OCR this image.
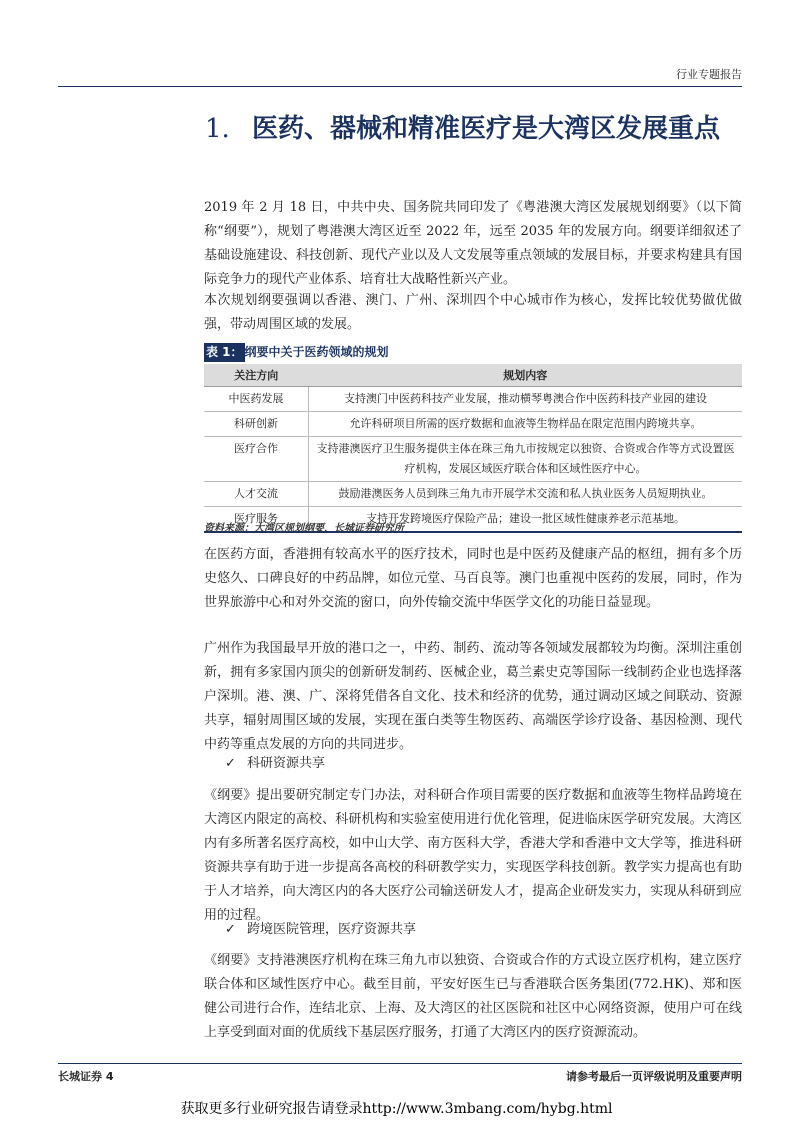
行业专题报告
1. 医药、器械和精准医疗是大湾区发展重点

2019 年 2 月 18 日，中共中央、国务院共同印发了《粤港澳大湾区发展规划纲要》（以下简称“纲要”），规划了粤港澳大湾区近至 2022 年，远至 2035 年的发展方向。纲要详细叙述了基础设施建设、科技创新、现代产业以及人文发展等重点领域的发展目标，并要求构建具有国际竞争力的现代产业体系、培育壮大战略性新兴产业。

本次规划纲要强调以香港、澳门、广州、深圳四个中心城市作为核心，发挥比较优势做优做强，带动周围区域的发展。

表 1： 纲要中关于医药领域的规划
关注方向	规划内容
中医药发展	支持澳门中医药科技产业发展，推动横琴粤澳合作中医药科技产业园的建设
科研创新	允许科研项目所需的医疗数据和血液等生物样品在限定范围内跨境共享。
医疗合作	支持港澳医疗卫生服务提供主体在珠三角九市按规定以独资、合资或合作等方式设置医疗机构，发展区域医疗联合体和区域性医疗中心。
人才交流	鼓励港澳医务人员到珠三角九市开展学术交流和私人执业医务人员短期执业。
医疗服务	支持开发跨境医疗保险产品；建设一批区域性健康养老示范基地。
资料来源：大湾区规划纲要，长城证券研究所

在医药方面，香港拥有较高水平的医疗技术，同时也是中医药及健康产品的枢纽，拥有多个历史悠久、口碑良好的中药品牌，如位元堂、马百良等。澳门也重视中医药的发展，同时，作为世界旅游中心和对外交流的窗口，向外传输交流中华医学文化的功能日益显现。

广州作为我国最早开放的港口之一，中药、制药、流动等各领域发展都较为均衡。深圳注重创新，拥有多家国内顶尖的创新研发制药、医械企业，葛兰素史克等国际一线制药企业也选择落户深圳。港、澳、广、深将凭借各自文化、技术和经济的优势，通过调动区域之间联动、资源共享，辐射周围区域的发展，实现在蛋白类等生物医药、高端医学诊疗设备、基因检测、现代中药等重点发展的方向的共同进步。

✓ 科研资源共享

《纲要》提出要研究制定专门办法，对科研合作项目需要的医疗数据和血液等生物样品跨境在大湾区内限定的高校、科研机构和实验室使用进行优化管理，促进临床医学研究发展。大湾区内有多所著名医疗高校，如中山大学、南方医科大学，香港大学和香港中文大学等，推进科研资源共享有助于进一步提高各高校的科研教学实力，实现医学科技创新。教学实力提高也有助于人才培养，向大湾区内的各大医疗公司输送研发人才，提高企业研发实力，实现从科研到应用的过程。

✓ 跨境医院管理，医疗资源共享

《纲要》支持港澳医疗机构在珠三角九市以独资、合资或合作的方式设立医疗机构，建立医疗联合体和区域性医疗中心。截至目前，平安好医生已与香港联合医务集团(772.HK)、郑和医健公司进行合作，连结北京、上海、及大湾区的社区医院和社区中心网络资源，使用户可在线上享受到面对面的优质线下基层医疗服务，打通了大湾区内的医疗资源流动。

长城证券 4	请参考最后一页评级说明及重要声明
获取更多行业研究报告请登录http://www.3mbang.com/hybg.html
